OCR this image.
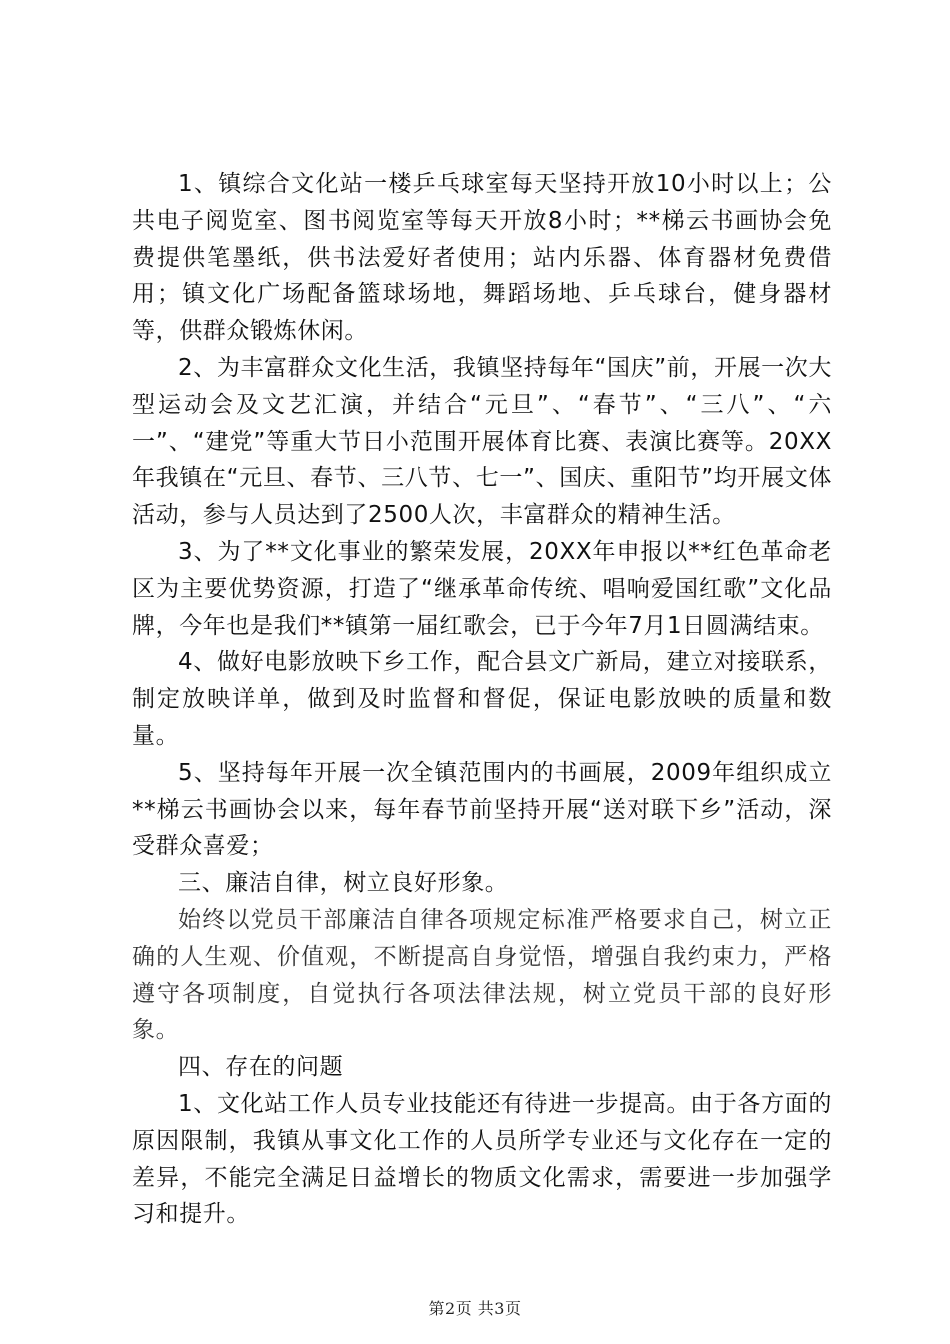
1、镇综合文化站一楼乒乓球室每天坚持开放10小时以上；公共电子阅览室、图书阅览室等每天开放8小时；**梯云书画协会免费提供笔墨纸，供书法爱好者使用；站内乐器、体育器材免费借用；镇文化广场配备篮球场地，舞蹈场地、乒乓球台，健身器材等，供群众锻炼休闲。

2、为丰富群众文化生活，我镇坚持每年“国庆”前，开展一次大型运动会及文艺汇演，并结合“元旦”、“春节”、“三八”、“六一”、“建党”等重大节日小范围开展体育比赛、表演比赛等。20XX年我镇在“元旦、春节、三八节、七一”、国庆、重阳节”均开展文体活动，参与人员达到了2500人次，丰富群众的精神生活。

3、为了**文化事业的繁荣发展，20XX年申报以**红色革命老区为主要优势资源，打造了“继承革命传统、唱响爱国红歌”文化品牌，今年也是我们**镇第一届红歌会，已于今年7月1日圆满结束。

4、做好电影放映下乡工作，配合县文广新局，建立对接联系，制定放映详单，做到及时监督和督促，保证电影放映的质量和数量。

5、坚持每年开展一次全镇范围内的书画展，2009年组织成立**梯云书画协会以来，每年春节前坚持开展“送对联下乡”活动，深受群众喜爱；

三、廉洁自律，树立良好形象。

始终以党员干部廉洁自律各项规定标准严格要求自己，树立正确的人生观、价值观，不断提高自身觉悟，增强自我约束力，严格遵守各项制度，自觉执行各项法律法规，树立党员干部的良好形象。

四、存在的问题

1、文化站工作人员专业技能还有待进一步提高。由于各方面的原因限制，我镇从事文化工作的人员所学专业还与文化存在一定的差异，不能完全满足日益增长的物质文化需求，需要进一步加强学习和提升。

第2页 共3页
